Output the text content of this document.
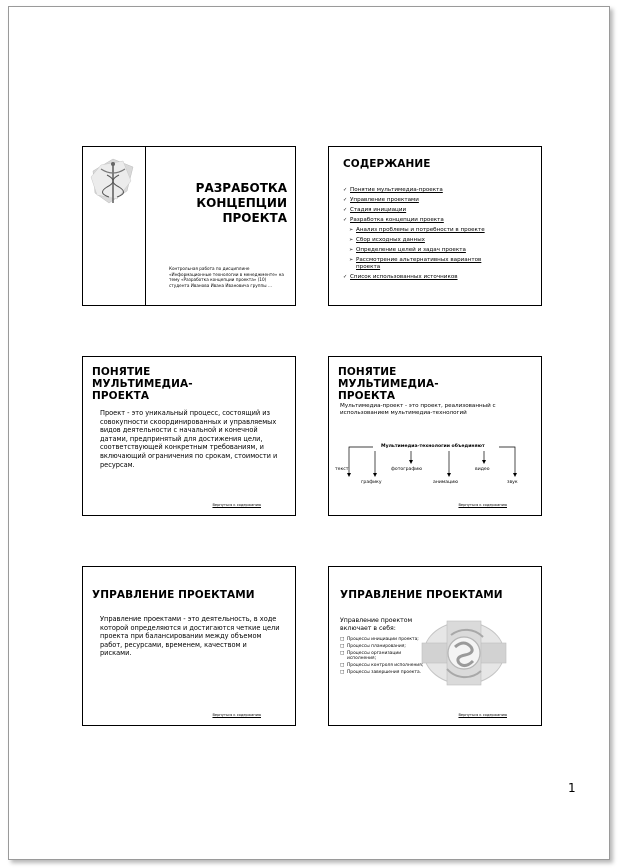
РАЗРАБОТКА
КОНЦЕПЦИИ ПРОЕКТА
Контрольная работа по дисциплине «Информационные технологии в менеджменте» на тему «Разработка концепции проекта» (10) студента Иванова Ивана Ивановича группы …
СОДЕРЖАНИЕ
✓ Понятие мультимедиа-проекта
✓ Управление проектами
✓ Стадия инициации
✓ Разработка концепции проекта
➢ Анализ проблемы и потребности в проекте
➢ Сбор исходных данных
➢ Определение целей и задач проекта
➢ Рассмотрение альтернативных вариантов проекта
✓ Список использованных источников
ПОНЯТИЕ МУЛЬТИМЕДИА-ПРОЕКТА
Проект - это уникальный процесс, состоящий из совокупности скоординированных и управляемых видов деятельности с начальной и конечной датами, предпринятый для достижения цели, соответствующей конкретным требованиям, и включающий ограничения по срокам, стоимости и ресурсам.
Вернуться к содержанию
ПОНЯТИЕ МУЛЬТИМЕДИА-ПРОЕКТА
Мультимедиа-проект - это проект, реализованный с использованием мультимедиа-технологий
Мультимедиа-технологии объединяют
текст	фотографию	видео
графику	анимацию	звук
Вернуться к содержанию
УПРАВЛЕНИЕ ПРОЕКТАМИ
Управление проектами - это деятельность, в ходе которой определяются и достигаются четкие цели проекта при балансировании между объемом работ, ресурсами, временем, качеством и рисками.
Вернуться к содержанию
УПРАВЛЕНИЕ ПРОЕКТАМИ
Управление проектом включает в себя:
□ Процессы инициации проекта;
□ Процессы планирования;
□ Процессы организации исполнения;
□ Процессы контроля исполнения;
□ Процессы завершения проекта.
Вернуться к содержанию
1
